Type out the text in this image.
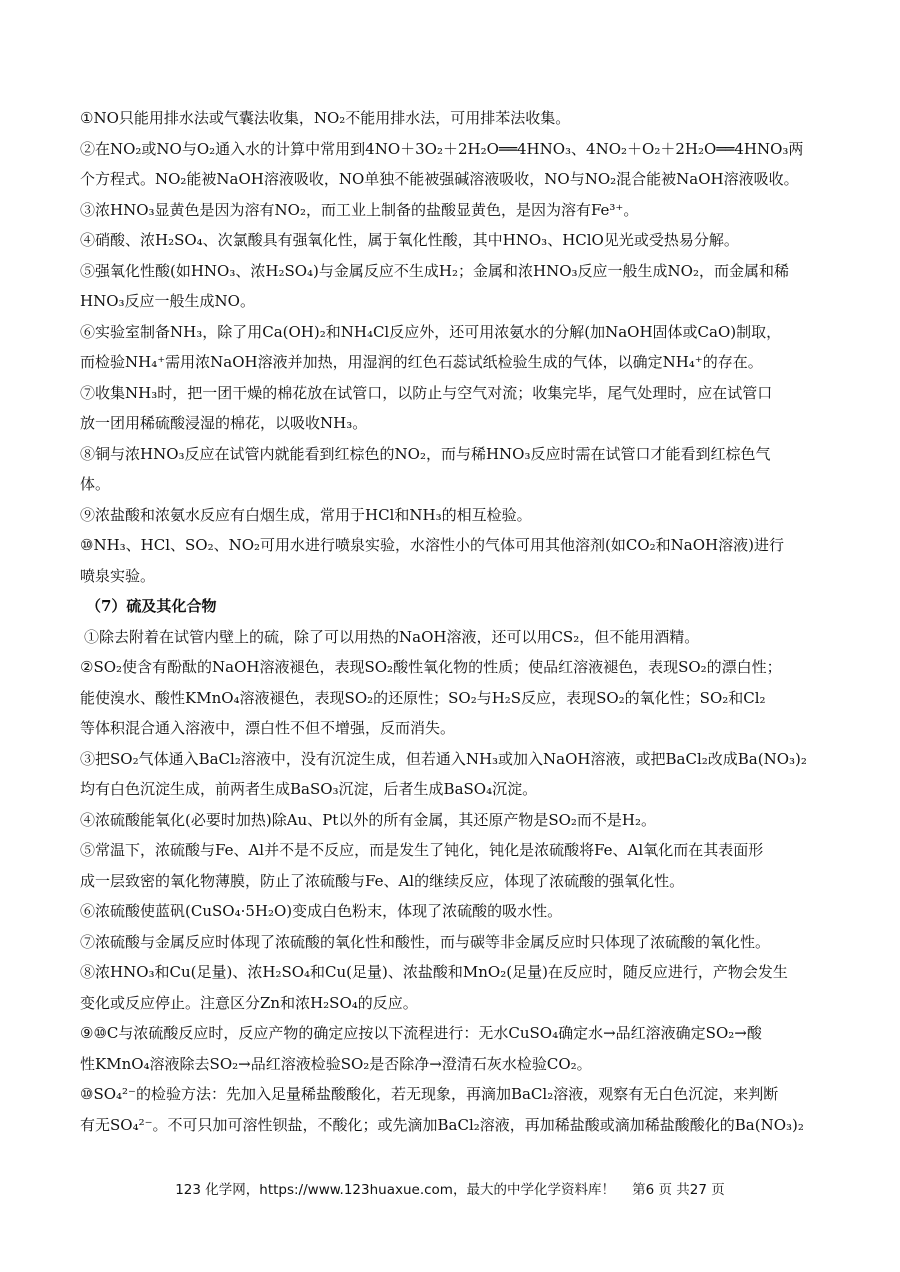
①NO只能用排水法或气囊法收集，NO₂不能用排水法，可用排苯法收集。
②在NO₂或NO与O₂通入水的计算中常用到4NO＋3O₂＋2H₂O══4HNO₃、4NO₂＋O₂＋2H₂O══4HNO₃两
个方程式。NO₂能被NaOH溶液吸收，NO单独不能被强碱溶液吸收，NO与NO₂混合能被NaOH溶液吸收。
③浓HNO₃显黄色是因为溶有NO₂，而工业上制备的盐酸显黄色，是因为溶有Fe³⁺。
④硝酸、浓H₂SO₄、次氯酸具有强氧化性，属于氧化性酸，其中HNO₃、HClO见光或受热易分解。
⑤强氧化性酸(如HNO₃、浓H₂SO₄)与金属反应不生成H₂；金属和浓HNO₃反应一般生成NO₂，而金属和稀
HNO₃反应一般生成NO。
⑥实验室制备NH₃，除了用Ca(OH)₂和NH₄Cl反应外，还可用浓氨水的分解(加NaOH固体或CaO)制取，
而检验NH₄⁺需用浓NaOH溶液并加热，用湿润的红色石蕊试纸检验生成的气体，以确定NH₄⁺的存在。
⑦收集NH₃时，把一团干燥的棉花放在试管口，以防止与空气对流；收集完毕，尾气处理时，应在试管口
放一团用稀硫酸浸湿的棉花，以吸收NH₃。
⑧铜与浓HNO₃反应在试管内就能看到红棕色的NO₂，而与稀HNO₃反应时需在试管口才能看到红棕色气
体。
⑨浓盐酸和浓氨水反应有白烟生成，常用于HCl和NH₃的相互检验。
⑩NH₃、HCl、SO₂、NO₂可用水进行喷泉实验，水溶性小的气体可用其他溶剂(如CO₂和NaOH溶液)进行
喷泉实验。
（7）硫及其化合物
①除去附着在试管内壁上的硫，除了可以用热的NaOH溶液，还可以用CS₂，但不能用酒精。
②SO₂使含有酚酞的NaOH溶液褪色，表现SO₂酸性氧化物的性质；使品红溶液褪色，表现SO₂的漂白性；
能使溴水、酸性KMnO₄溶液褪色，表现SO₂的还原性；SO₂与H₂S反应，表现SO₂的氧化性；SO₂和Cl₂
等体积混合通入溶液中，漂白性不但不增强，反而消失。
③把SO₂气体通入BaCl₂溶液中，没有沉淀生成，但若通入NH₃或加入NaOH溶液，或把BaCl₂改成Ba(NO₃)₂
均有白色沉淀生成，前两者生成BaSO₃沉淀，后者生成BaSO₄沉淀。
④浓硫酸能氧化(必要时加热)除Au、Pt以外的所有金属，其还原产物是SO₂而不是H₂。
⑤常温下，浓硫酸与Fe、Al并不是不反应，而是发生了钝化，钝化是浓硫酸将Fe、Al氧化而在其表面形
成一层致密的氧化物薄膜，防止了浓硫酸与Fe、Al的继续反应，体现了浓硫酸的强氧化性。
⑥浓硫酸使蓝矾(CuSO₄·5H₂O)变成白色粉末，体现了浓硫酸的吸水性。
⑦浓硫酸与金属反应时体现了浓硫酸的氧化性和酸性，而与碳等非金属反应时只体现了浓硫酸的氧化性。
⑧浓HNO₃和Cu(足量)、浓H₂SO₄和Cu(足量)、浓盐酸和MnO₂(足量)在反应时，随反应进行，产物会发生
变化或反应停止。注意区分Zn和浓H₂SO₄的反应。
⑨⑩C与浓硫酸反应时，反应产物的确定应按以下流程进行：无水CuSO₄确定水→品红溶液确定SO₂→酸
性KMnO₄溶液除去SO₂→品红溶液检验SO₂是否除净→澄清石灰水检验CO₂。
⑩SO₄²⁻的检验方法：先加入足量稀盐酸酸化，若无现象，再滴加BaCl₂溶液，观察有无白色沉淀，来判断
有无SO₄²⁻。不可只加可溶性钡盐，不酸化；或先滴加BaCl₂溶液，再加稀盐酸或滴加稀盐酸酸化的Ba(NO₃)₂
123 化学网，https://www.123huaxue.com，最大的中学化学资料库！ 第6 页 共27 页
